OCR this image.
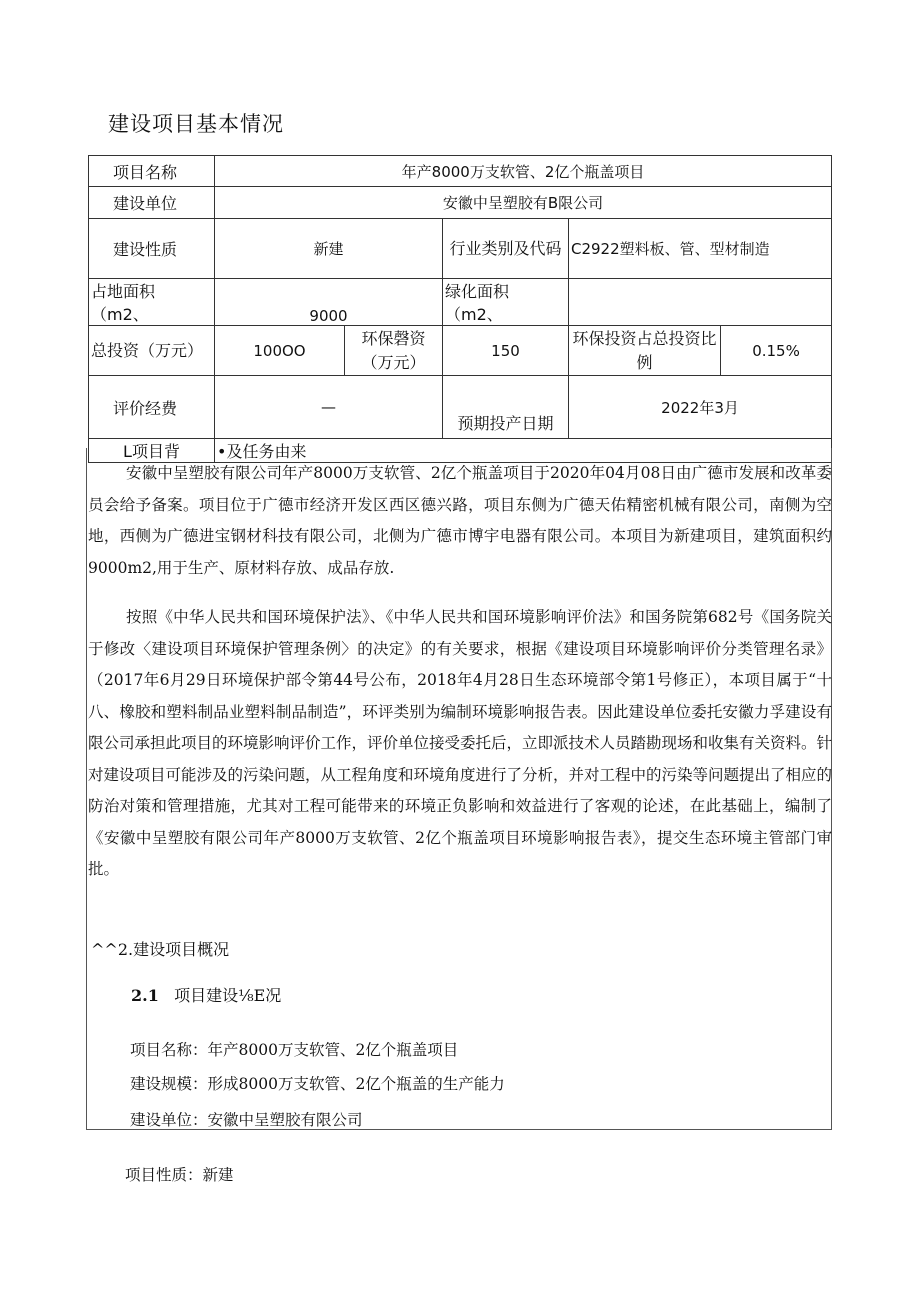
建设项目基本情况
项目名称	年产8000万支软管、2亿个瓶盖项目				
建设单位	安徽中呈塑胶有B限公司				
建设性质	新建		行业类别及代码	C2922塑料板、管、型材制造	
占地面积（m2、	9000		绿化面积（m2、		
总投资（万元）	100OO	环保磬资（万元）	150	环保投资占总投资比例	0.15%
评价经费	—		预期投产日期	2022年3月	
L项目背	•及任务由来				
安徽中呈塑胶有限公司年产8000万支软管、2亿个瓶盖项目于2020年04月08日由广德市发展和改革委员会给予备案。项目位于广德市经济开发区西区德兴路，项目东侧为广德天佑精密机械有限公司，南侧为空地，西侧为广德进宝钢材科技有限公司，北侧为广德市博宇电器有限公司。本项目为新建项目，建筑面积约9000m2,用于生产、原材料存放、成品存放.
按照《中华人民共和国环境保护法》、《中华人民共和国环境影响评价法》和国务院第682号《国务院关于修改〈建设项目环境保护管理条例〉的决定》的有关要求，根据《建设项目环境影响评价分类管理名录》（2017年6月29日环境保护部令第44号公布，2018年4月28日生态环境部令第1号修正），本项目属于“十八、橡胶和塑料制品业塑料制品制造”，环评类别为编制环境影响报告表。因此建设单位委托安徽力孚建设有限公司承担此项目的环境影响评价工作，评价单位接受委托后，立即派技术人员踏勘现场和收集有关资料。针对建设项目可能涉及的污染问题，从工程角度和环境角度进行了分析，并对工程中的污染等问题提出了相应的防治对策和管理措施，尤其对工程可能带来的环境正负影响和效益进行了客观的论述，在此基础上，编制了《安徽中呈塑胶有限公司年产8000万支软管、2亿个瓶盖项目环境影响报告表》，提交生态环境主管部门审批。
^^2.建设项目概况
2.1 项目建设⅛E况
项目名称：年产8000万支软管、2亿个瓶盖项目
建设规模：形成8000万支软管、2亿个瓶盖的生产能力
建设单位：安徽中呈塑胶有限公司
项目性质：新建
